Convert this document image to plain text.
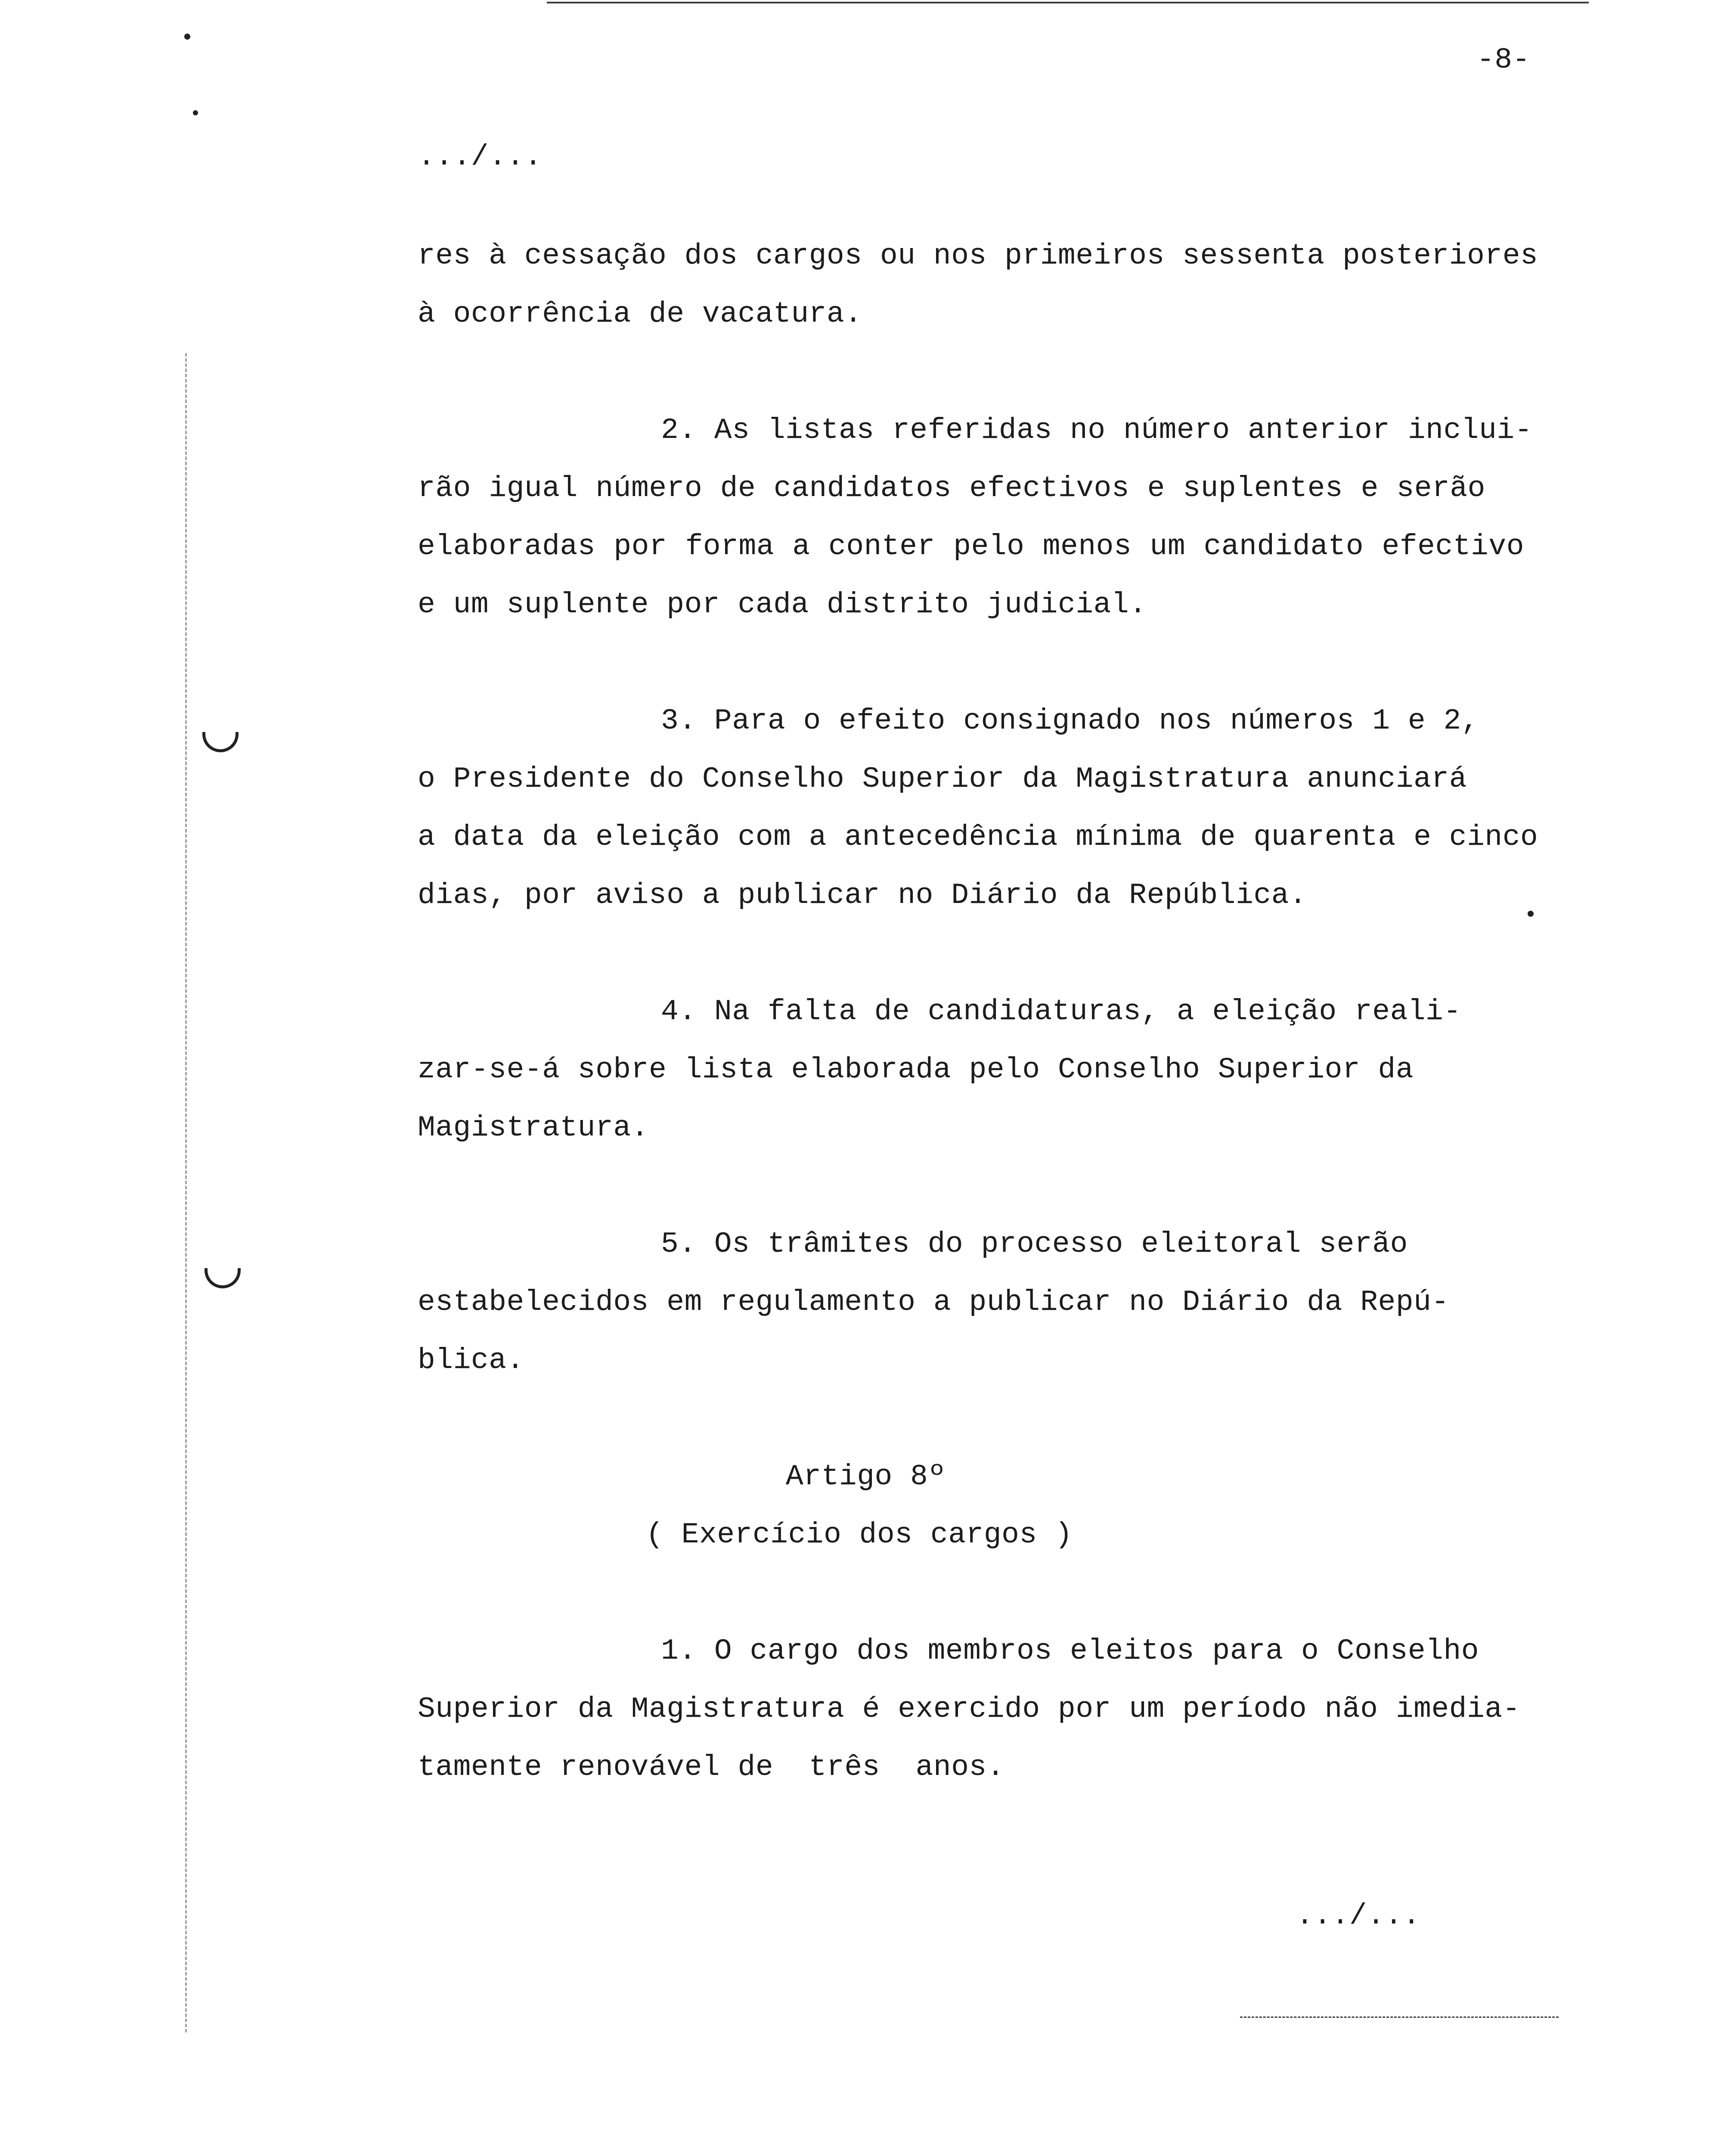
-8-
.../...
res à cessação dos cargos ou nos primeiros sessenta posteriores
à ocorrência de vacatura.
2. As listas referidas no número anterior inclui-
rão igual número de candidatos efectivos e suplentes e serão
elaboradas por forma a conter pelo menos um candidato efectivo
e um suplente por cada distrito judicial.
3. Para o efeito consignado nos números 1 e 2,
o Presidente do Conselho Superior da Magistratura anunciará
a data da eleição com a antecedência mínima de quarenta e cinco
dias, por aviso a publicar no Diário da República.
4. Na falta de candidaturas, a eleição reali-
zar-se-á sobre lista elaborada pelo Conselho Superior da
Magistratura.
5. Os trâmites do processo eleitoral serão
estabelecidos em regulamento a publicar no Diário da Repú-
blica.
Artigo 8º
( Exercício dos cargos )
1. O cargo dos membros eleitos para o Conselho
Superior da Magistratura é exercido por um período não imedia-
tamente renovável de  três  anos.
.../...
